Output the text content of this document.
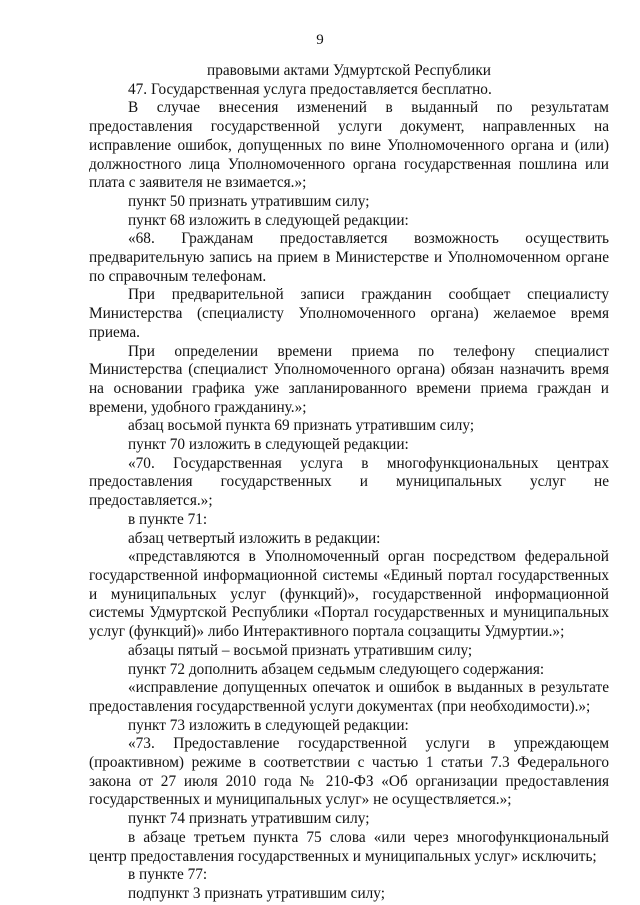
9

правовыми актами Удмуртской Республики

47. Государственная услуга предоставляется бесплатно.

В случае внесения изменений в выданный по результатам предоставления государственной услуги документ, направленных на исправление ошибок, допущенных по вине Уполномоченного органа и (или) должностного лица Уполномоченного органа государственная пошлина или плата с заявителя не взимается.»;

пункт 50 признать утратившим силу;

пункт 68 изложить в следующей редакции:

«68. Гражданам предоставляется возможность осуществить предварительную запись на прием в Министерстве и Уполномоченном органе по справочным телефонам.

При предварительной записи гражданин сообщает специалисту Министерства (специалисту Уполномоченного органа) желаемое время приема.

При определении времени приема по телефону специалист Министерства (специалист Уполномоченного органа) обязан назначить время на основании графика уже запланированного времени приема граждан и времени, удобного гражданину.»;

абзац восьмой пункта 69 признать утратившим силу;

пункт 70 изложить в следующей редакции:

«70. Государственная услуга в многофункциональных центрах предоставления государственных и муниципальных услуг не предоставляется.»;

в пункте 71:

абзац четвертый изложить в редакции:

«представляются в Уполномоченный орган посредством федеральной государственной информационной системы «Единый портал государственных и муниципальных услуг (функций)», государственной информационной системы Удмуртской Республики «Портал государственных и муниципальных услуг (функций)» либо Интерактивного портала соцзащиты Удмуртии.»;

абзацы пятый – восьмой признать утратившим силу;

пункт 72 дополнить абзацем седьмым следующего содержания:

«исправление допущенных опечаток и ошибок в выданных в результате предоставления государственной услуги документах (при необходимости).»;

пункт 73 изложить в следующей редакции:

«73. Предоставление государственной услуги в упреждающем (проактивном) режиме в соответствии с частью 1 статьи 7.3 Федерального закона от 27 июля 2010 года № 210-ФЗ «Об организации предоставления государственных и муниципальных услуг» не осуществляется.»;

пункт 74 признать утратившим силу;

в абзаце третьем пункта 75 слова «или через многофункциональный центр предоставления государственных и муниципальных услуг» исключить;

в пункте 77:

подпункт 3 признать утратившим силу;
